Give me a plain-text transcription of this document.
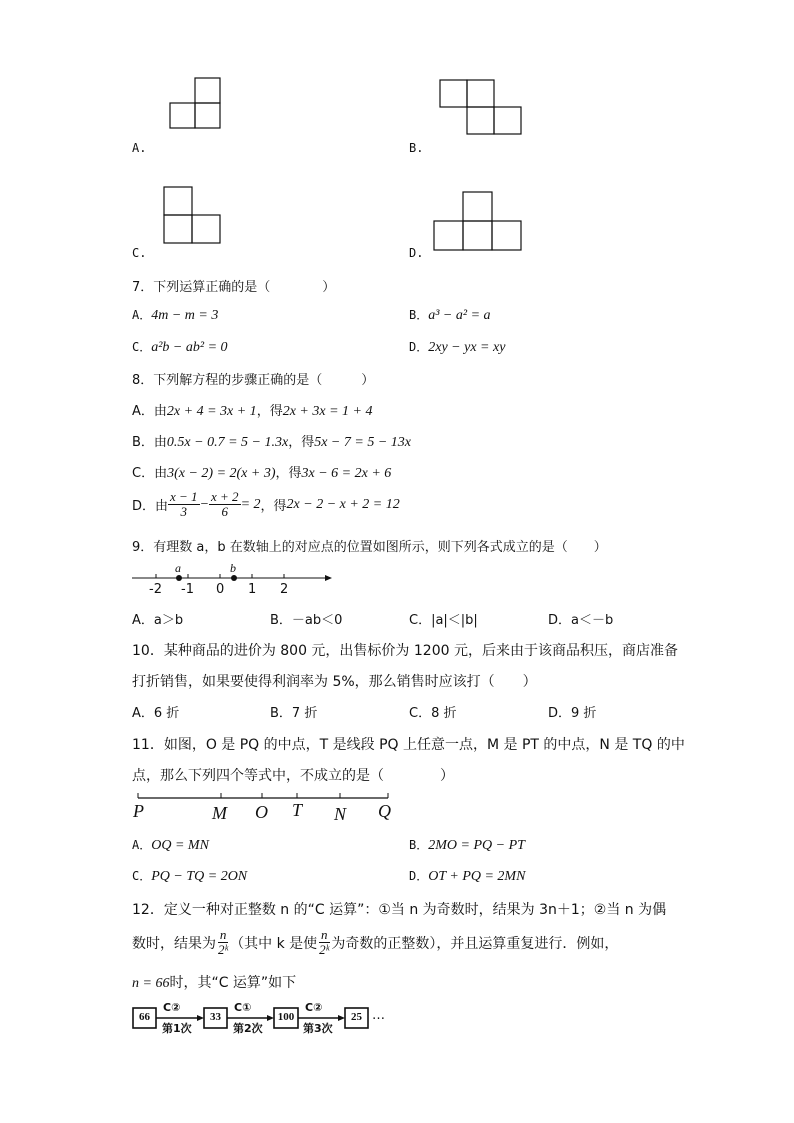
A.	B.
C.	D.
7．下列运算正确的是（　　　　）
A．4m − m = 3	B．a³ − a² = a
C．a²b − ab² = 0	D．2xy − yx = xy
8．下列解方程的步骤正确的是（　　　）
A．由2x + 4 = 3x + 1，得2x + 3x = 1 + 4
B．由0.5x − 0.7 = 5 − 1.3x，得5x − 7 = 5 − 13x
C．由3(x − 2) = 2(x + 3)，得3x − 6 = 2x + 6
D．由 $\frac{x - 1}{3} - \frac{x + 2}{6} = 2$ ，得 2x − 2 − x + 2 = 12
9．有理数 a，b 在数轴上的对应点的位置如图所示，则下列各式成立的是（　　）
a	b
-2 -1 0 1 2
A．a＞b	B．－ab＜0	C．|a|＜|b|	D．a＜－b
10．某种商品的进价为 800 元，出售标价为 1200 元，后来由于该商品积压，商店准备
打折销售，如果要使得利润率为 5%，那么销售时应该打（　　）
A．6 折	B．7 折	C．8 折	D．9 折
11．如图，O 是 PQ 的中点，T 是线段 PQ 上任意一点，M 是 PT 的中点，N 是 TQ 的中
点，那么下列四个等式中，不成立的是（　　　　）
P	M O T N Q
A．OQ = MN	B．2MO = PQ − PT
C．PQ − TQ = 2ON	D．OT + PQ = 2MN
12．定义一种对正整数 n 的“C 运算”：①当 n 为奇数时，结果为 3n＋1；②当 n 为偶
数时，结果为 $\frac{n}{\text{2ᵏ}}$ （其中 k 是使 $\frac{n}{\text{2ᵏ}}$ 为奇数的正整数），并且运算重复进行．例如，
n = 66时，其“C 运算”如下
66	33	100	25 …
C②	C①	C②
第1次	第2次	第3次
